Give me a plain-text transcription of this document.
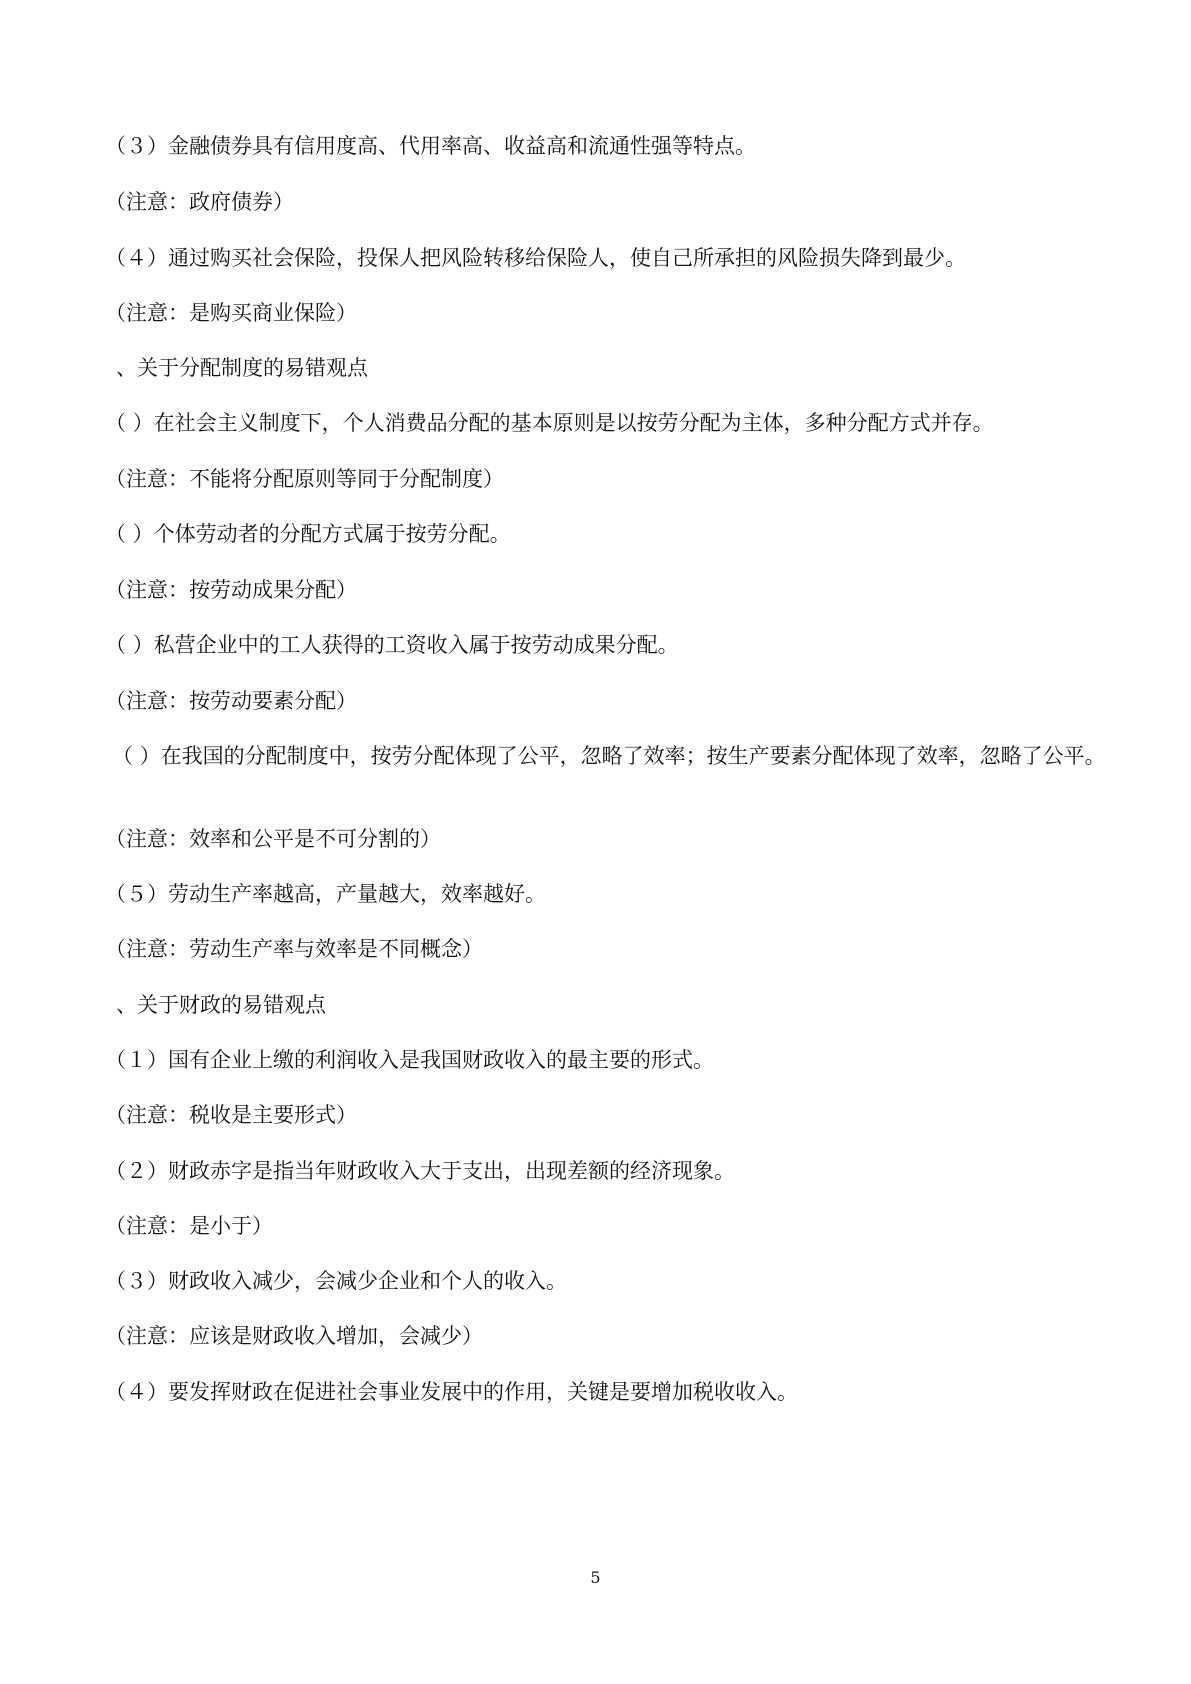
（３）金融债券具有信用度高、代用率高、收益高和流通性强等特点。
（注意：政府债券）
（４）通过购买社会保险，投保人把风险转移给保险人，使自己所承担的风险损失降到最少。
（注意：是购买商业保险）
、关于分配制度的易错观点
（ ）在社会主义制度下，个人消费品分配的基本原则是以按劳分配为主体，多种分配方式并存。
（注意：不能将分配原则等同于分配制度）
（ ）个体劳动者的分配方式属于按劳分配。
（注意：按劳动成果分配）
（ ）私营企业中的工人获得的工资收入属于按劳动成果分配。
（注意：按劳动要素分配）
（ ）在我国的分配制度中，按劳分配体现了公平，忽略了效率；按生产要素分配体现了效率，忽略了公平。
（注意：效率和公平是不可分割的）
（５）劳动生产率越高，产量越大，效率越好。
（注意：劳动生产率与效率是不同概念）
、关于财政的易错观点
（１）国有企业上缴的利润收入是我国财政收入的最主要的形式。
（注意：税收是主要形式）
（２）财政赤字是指当年财政收入大于支出，出现差额的经济现象。
（注意：是小于）
（３）财政收入减少，会减少企业和个人的收入。
（注意：应该是财政收入增加，会减少）
（４）要发挥财政在促进社会事业发展中的作用，关键是要增加税收收入。
5
